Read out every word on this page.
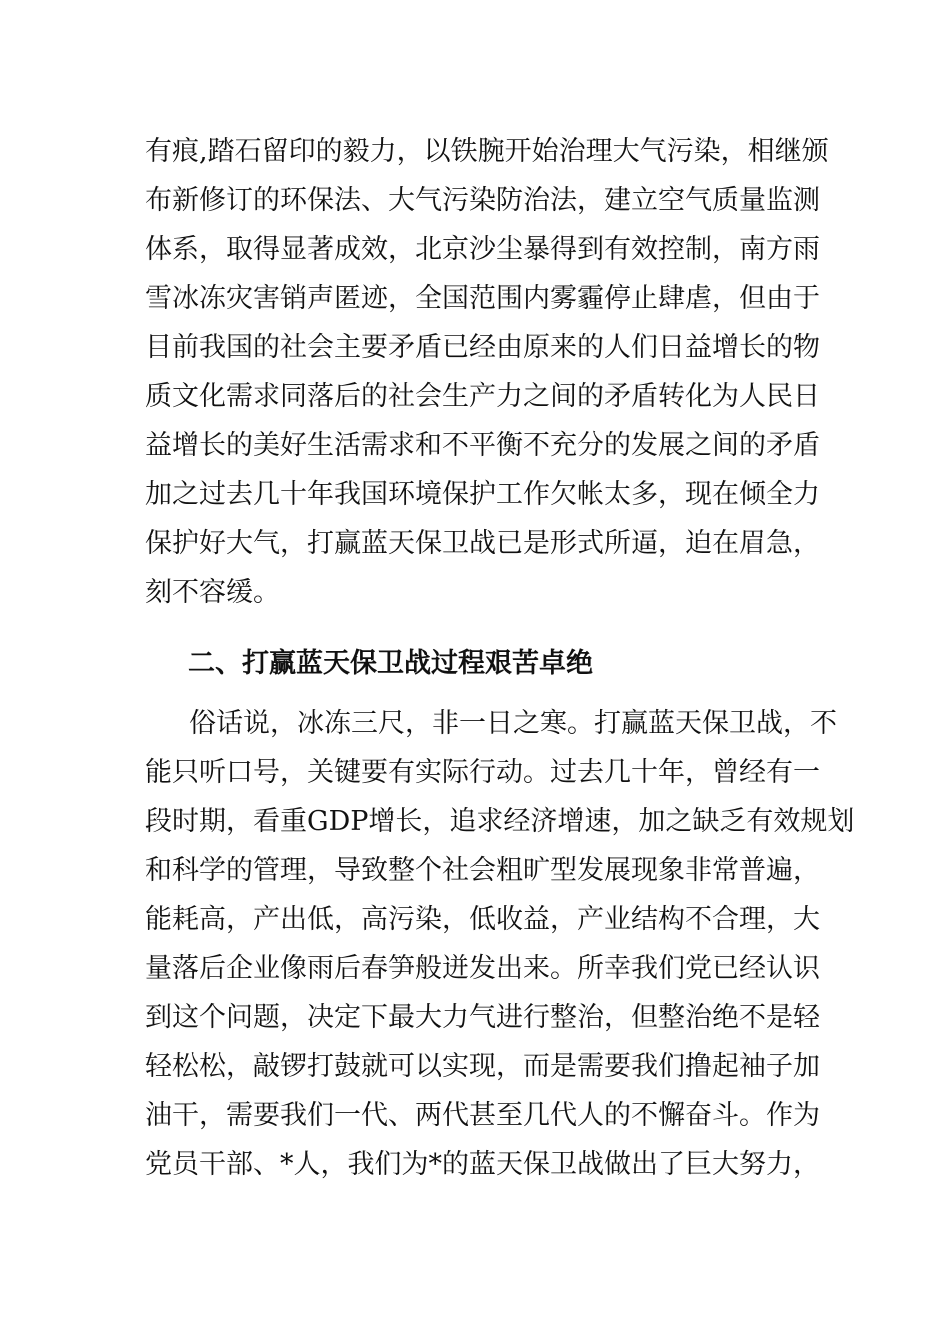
有痕,踏石留印的毅力，以铁腕开始治理大气污染，相继颁
布新修订的环保法、大气污染防治法，建立空气质量监测
体系，取得显著成效，北京沙尘暴得到有效控制，南方雨
雪冰冻灾害销声匿迹，全国范围内雾霾停止肆虐，但由于
目前我国的社会主要矛盾已经由原来的人们日益增长的物
质文化需求同落后的社会生产力之间的矛盾转化为人民日
益增长的美好生活需求和不平衡不充分的发展之间的矛盾
加之过去几十年我国环境保护工作欠帐太多，现在倾全力
保护好大气，打赢蓝天保卫战已是形式所逼，迫在眉急，
刻不容缓。
二、打赢蓝天保卫战过程艰苦卓绝
俗话说，冰冻三尺，非一日之寒。打赢蓝天保卫战，不
能只听口号，关键要有实际行动。过去几十年，曾经有一
段时期，看重GDP增长，追求经济增速，加之缺乏有效规划
和科学的管理，导致整个社会粗旷型发展现象非常普遍，
能耗高，产出低，高污染，低收益，产业结构不合理，大
量落后企业像雨后春笋般迸发出来。所幸我们党已经认识
到这个问题，决定下最大力气进行整治，但整治绝不是轻
轻松松，敲锣打鼓就可以实现，而是需要我们撸起袖子加
油干，需要我们一代、两代甚至几代人的不懈奋斗。作为
党员干部、*人，我们为*的蓝天保卫战做出了巨大努力，
